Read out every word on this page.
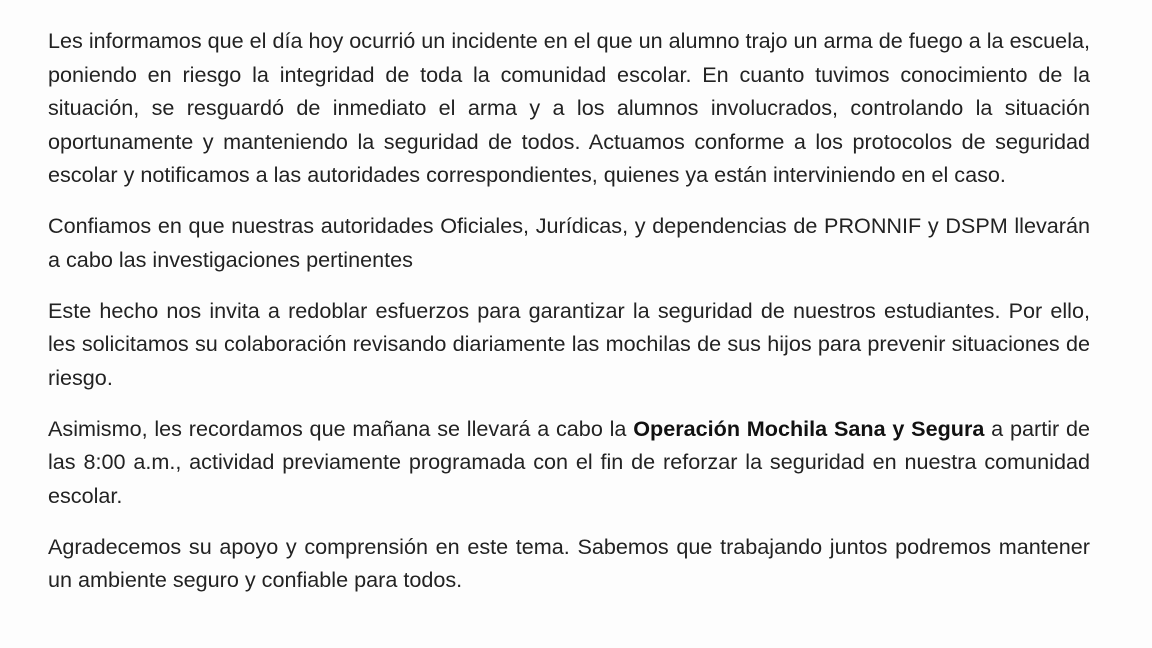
Les informamos que el día hoy ocurrió un incidente en el que un alumno trajo un arma de fuego a la escuela, poniendo en riesgo la integridad de toda la comunidad escolar. En cuanto tuvimos conocimiento de la situación, se resguardó de inmediato el arma y a los alumnos involucrados, controlando la situación oportunamente y manteniendo la seguridad de todos. Actuamos conforme a los protocolos de seguridad escolar y notificamos a las autoridades correspondientes, quienes ya están interviniendo en el caso.

Confiamos en que nuestras autoridades Oficiales, Jurídicas, y dependencias de PRONNIF y DSPM llevarán a cabo las investigaciones pertinentes

Este hecho nos invita a redoblar esfuerzos para garantizar la seguridad de nuestros estudiantes. Por ello, les solicitamos su colaboración revisando diariamente las mochilas de sus hijos para prevenir situaciones de riesgo.

Asimismo, les recordamos que mañana se llevará a cabo la Operación Mochila Sana y Segura a partir de las 8:00 a.m., actividad previamente programada con el fin de reforzar la seguridad en nuestra comunidad escolar.

Agradecemos su apoyo y comprensión en este tema. Sabemos que trabajando juntos podremos mantener un ambiente seguro y confiable para todos.
